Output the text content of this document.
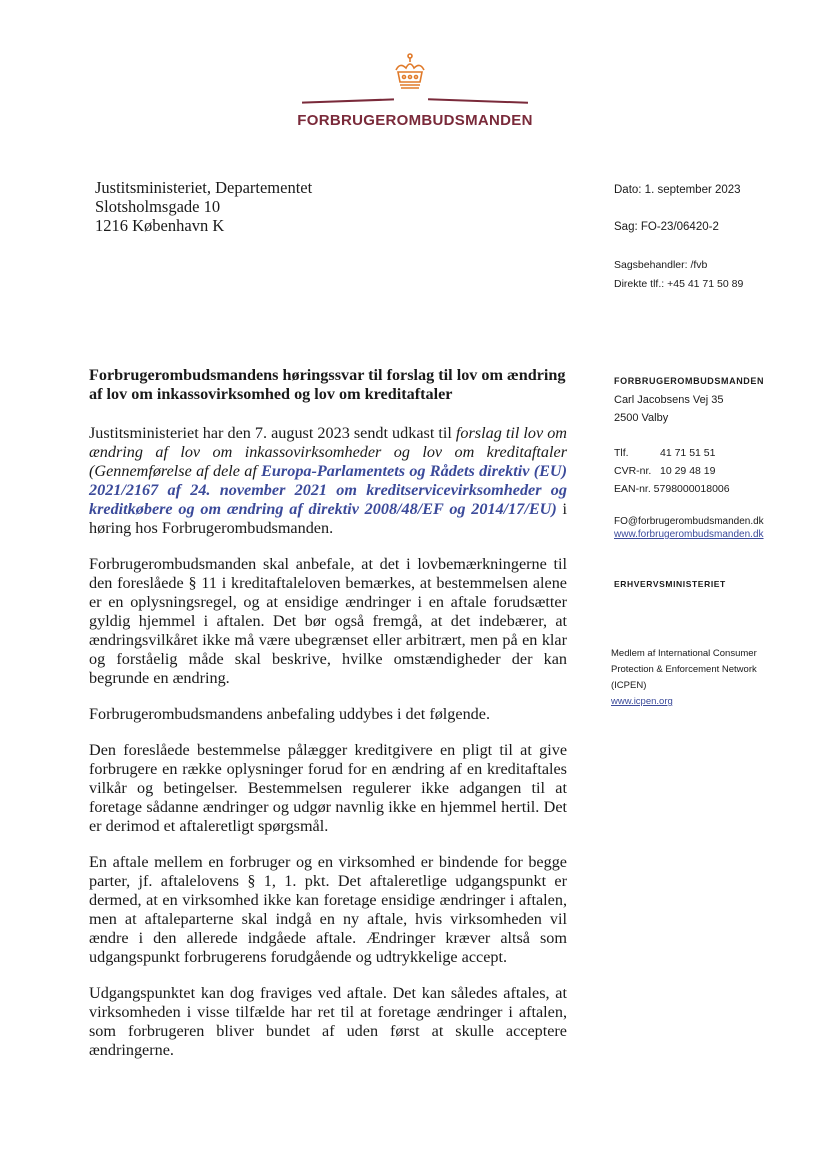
FORBRUGEROMBUDSMANDEN
Justitsministeriet, Departementet
Slotsholmsgade 10
1216 København K
Dato: 1. september 2023
Sag: FO-23/06420-2
Sagsbehandler: /fvb
Direkte tlf.: +45 41 71 50 89
FORBRUGEROMBUDSMANDEN
Carl Jacobsens Vej 35
2500 Valby
Tlf.	41 71 51 51
CVR-nr. 10 29 48 19
EAN-nr. 5798000018006
FO@forbrugerombudsmanden.dk
www.forbrugerombudsmanden.dk
ERHVERVSMINISTERIET
Medlem af International Consumer
Protection & Enforcement Network
(ICPEN)
www.icpen.org
Forbrugerombudsmandens høringssvar til forslag til lov om ændring af lov om inkassovirksomhed og lov om kreditaftaler

Justitsministeriet har den 7. august 2023 sendt udkast til forslag til lov om ændring af lov om inkassovirksomheder og lov om kreditaftaler (Gennemførelse af dele af Europa-Parlamentets og Rådets direktiv (EU) 2021/2167 af 24. november 2021 om kreditservicevirksomheder og kreditkøbere og om ændring af direktiv 2008/48/EF og 2014/17/EU) i høring hos Forbrugerombudsmanden.

Forbrugerombudsmanden skal anbefale, at det i lovbemærkningerne til den foreslåede § 11 i kreditaftaleloven bemærkes, at bestemmelsen alene er en oplysningsregel, og at ensidige ændringer i en aftale forudsætter gyldig hjemmel i aftalen. Det bør også fremgå, at det indebærer, at ændringsvilkåret ikke må være ubegrænset eller arbitrært, men på en klar og forståelig måde skal beskrive, hvilke omstændigheder der kan begrunde en ændring.

Forbrugerombudsmandens anbefaling uddybes i det følgende.

Den foreslåede bestemmelse pålægger kreditgivere en pligt til at give forbrugere en række oplysninger forud for en ændring af en kreditaftales vilkår og betingelser. Bestemmelsen regulerer ikke adgangen til at foretage sådanne ændringer og udgør navnlig ikke en hjemmel hertil. Det er derimod et aftaleretligt spørgsmål.

En aftale mellem en forbruger og en virksomhed er bindende for begge parter, jf. aftalelovens § 1, 1. pkt. Det aftaleretlige udgangspunkt er dermed, at en virksomhed ikke kan foretage ensidige ændringer i aftalen, men at aftaleparterne skal indgå en ny aftale, hvis virksomheden vil ændre i den allerede indgåede aftale. Ændringer kræver altså som udgangspunkt forbrugerens forudgående og udtrykkelige accept.

Udgangspunktet kan dog fraviges ved aftale. Det kan således aftales, at virksomheden i visse tilfælde har ret til at foretage ændringer i aftalen, som forbrugeren bliver bundet af uden først at skulle acceptere ændringerne.
